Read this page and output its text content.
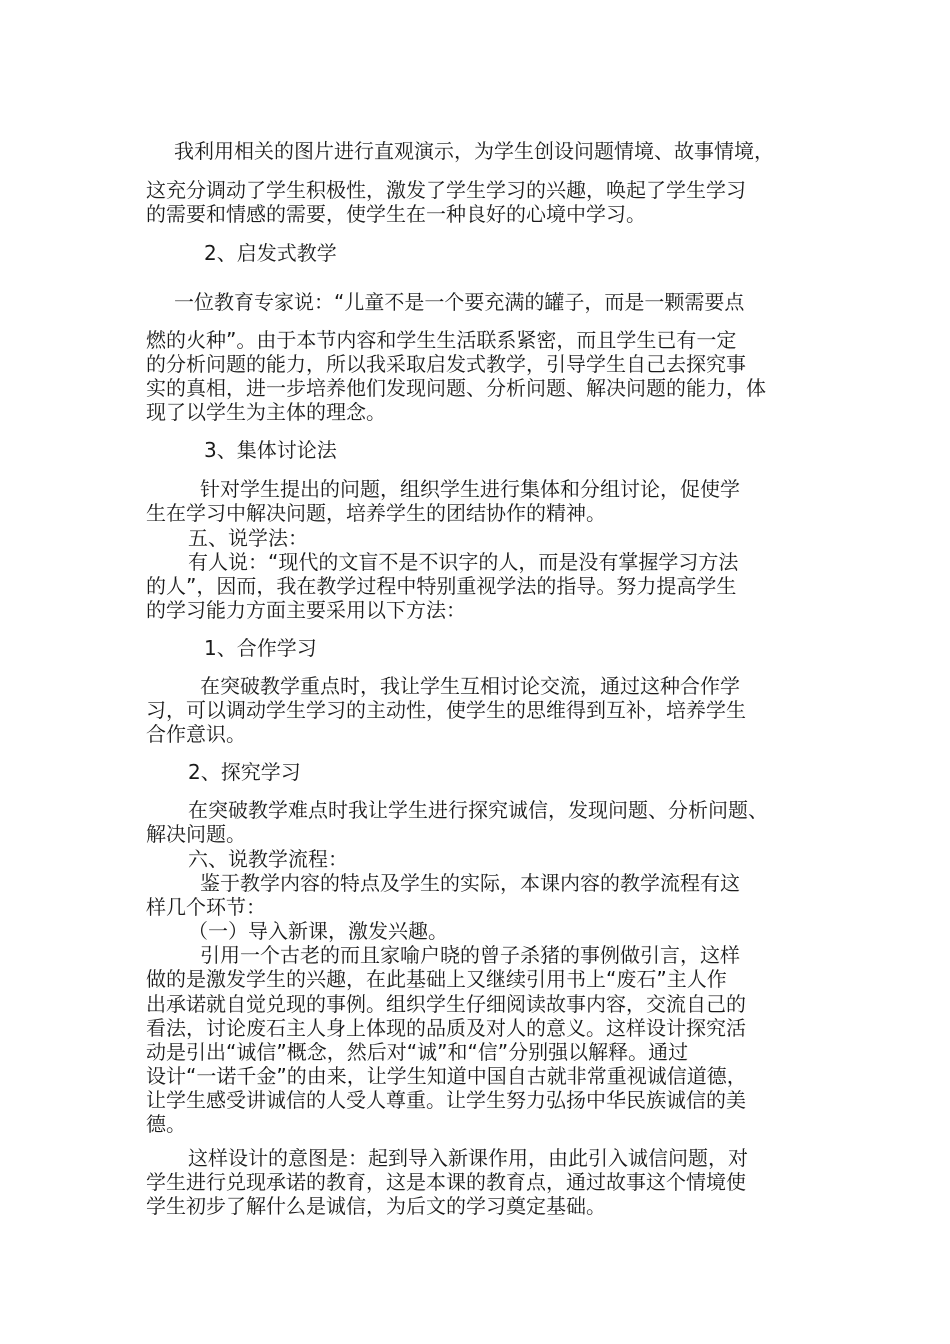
我利用相关的图片进行直观演示，为学生创设问题情境、故事情境，
这充分调动了学生积极性，激发了学生学习的兴趣，唤起了学生学习
的需要和情感的需要，使学生在一种良好的心境中学习。
2、启发式教学
一位教育专家说：“儿童不是一个要充满的罐子，而是一颗需要点
燃的火种”。由于本节内容和学生生活联系紧密，而且学生已有一定
的分析问题的能力，所以我采取启发式教学，引导学生自己去探究事
实的真相，进一步培养他们发现问题、分析问题、解决问题的能力，体
现了以学生为主体的理念。
3、集体讨论法
针对学生提出的问题，组织学生进行集体和分组讨论，促使学
生在学习中解决问题，培养学生的团结协作的精神。
五、说学法：
有人说：“现代的文盲不是不识字的人，而是没有掌握学习方法
的人”，因而，我在教学过程中特别重视学法的指导。努力提高学生
的学习能力方面主要采用以下方法：
1、合作学习
在突破教学重点时，我让学生互相讨论交流，通过这种合作学
习，可以调动学生学习的主动性，使学生的思维得到互补，培养学生
合作意识。
2、探究学习
在突破教学难点时我让学生进行探究诚信，发现问题、分析问题、
解决问题。
六、说教学流程：
鉴于教学内容的特点及学生的实际，本课内容的教学流程有这
样几个环节：
（一）导入新课，激发兴趣。
引用一个古老的而且家喻户晓的曾子杀猪的事例做引言，这样
做的是激发学生的兴趣，在此基础上又继续引用书上“废石”主人作
出承诺就自觉兑现的事例。组织学生仔细阅读故事内容，交流自己的
看法，讨论废石主人身上体现的品质及对人的意义。这样设计探究活
动是引出“诚信”概念，然后对“诚”和“信”分别强以解释。通过
设计“一诺千金”的由来，让学生知道中国自古就非常重视诚信道德，
让学生感受讲诚信的人受人尊重。让学生努力弘扬中华民族诚信的美
德。
这样设计的意图是：起到导入新课作用，由此引入诚信问题，对
学生进行兑现承诺的教育，这是本课的教育点，通过故事这个情境使
学生初步了解什么是诚信，为后文的学习奠定基础。
